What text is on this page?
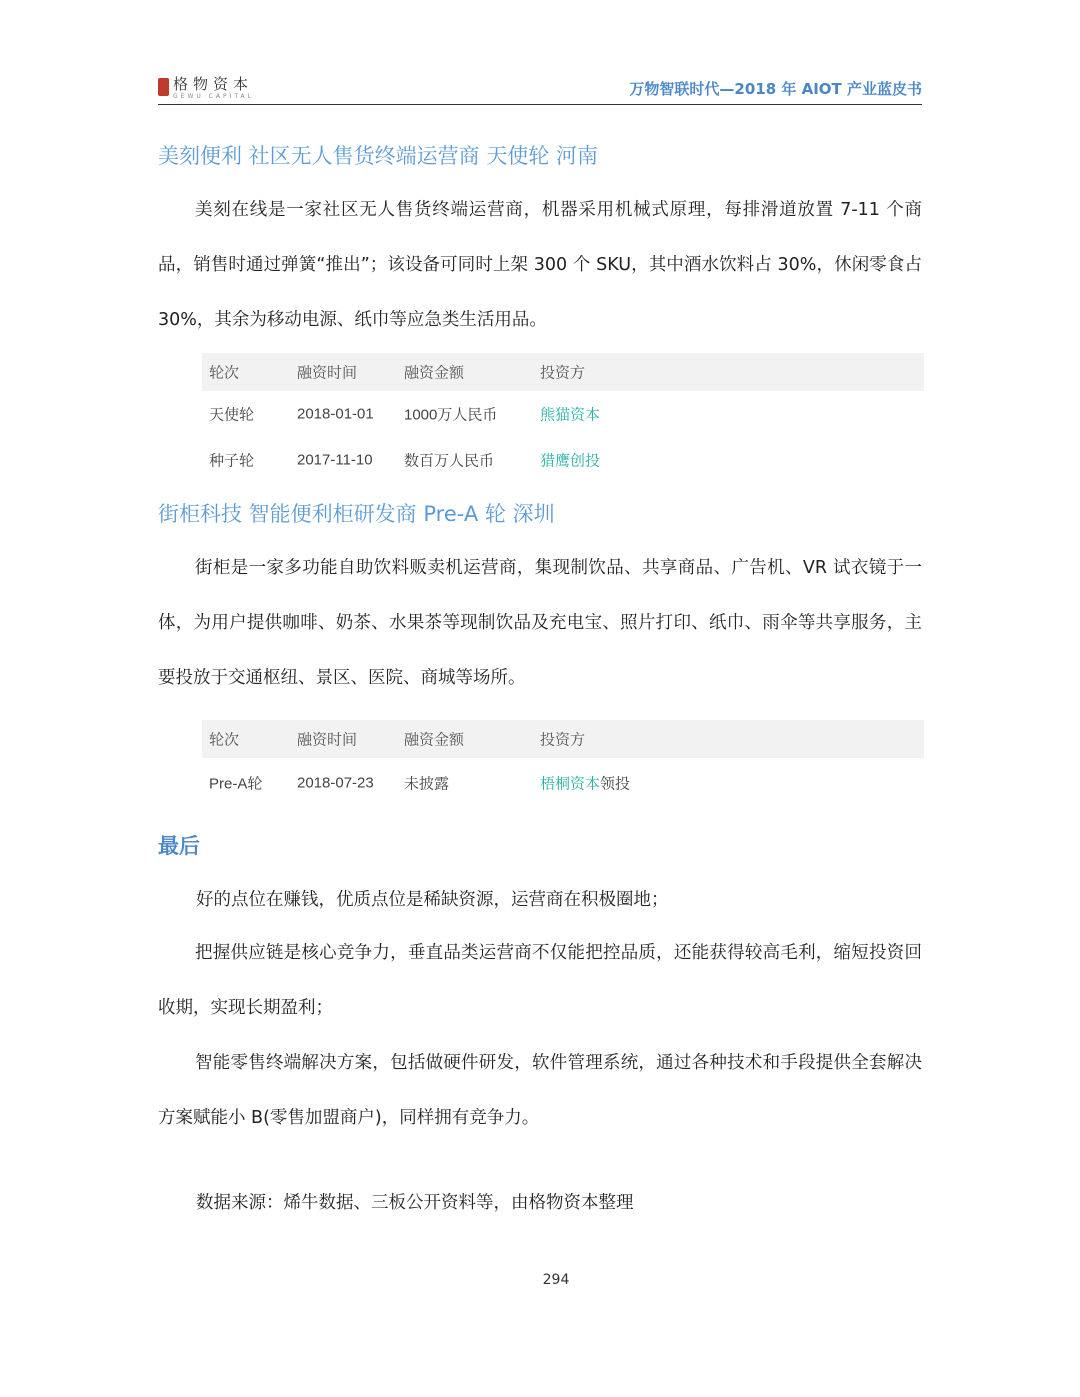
格物资本
GEWU CAPITAL	万物智联时代—2018 年 AIOT 产业蓝皮书
美刻便利 社区无人售货终端运营商 天使轮 河南

美刻在线是一家社区无人售货终端运营商，机器采用机械式原理，每排滑道放置 7-11 个商品，销售时通过弹簧“推出”；该设备可同时上架 300 个 SKU，其中酒水饮料占 30%，休闲零食占 30%，其余为移动电源、纸巾等应急类生活用品。

轮次	融资时间	融资金额	投资方
天使轮	2018-01-01 1000万人民币	熊猫资本
种子轮	2017-11-10 数百万人民币	猎鹰创投
街柜科技 智能便利柜研发商 Pre-A 轮 深圳

街柜是一家多功能自助饮料贩卖机运营商，集现制饮品、共享商品、广告机、VR 试衣镜于一体，为用户提供咖啡、奶茶、水果茶等现制饮品及充电宝、照片打印、纸巾、雨伞等共享服务，主要投放于交通枢纽、景区、医院、商城等场所。

轮次	融资时间	融资金额	投资方
Pre-A轮 2018-07-23 未披露	梧桐资本领投
最后
好的点位在赚钱，优质点位是稀缺资源，运营商在积极圈地；

把握供应链是核心竞争力，垂直品类运营商不仅能把控品质，还能获得较高毛利，缩短投资回收期，实现长期盈利；

智能零售终端解决方案，包括做硬件研发，软件管理系统，通过各种技术和手段提供全套解决方案赋能小 B(零售加盟商户)，同样拥有竞争力。

数据来源：烯牛数据、三板公开资料等，由格物资本整理
294
